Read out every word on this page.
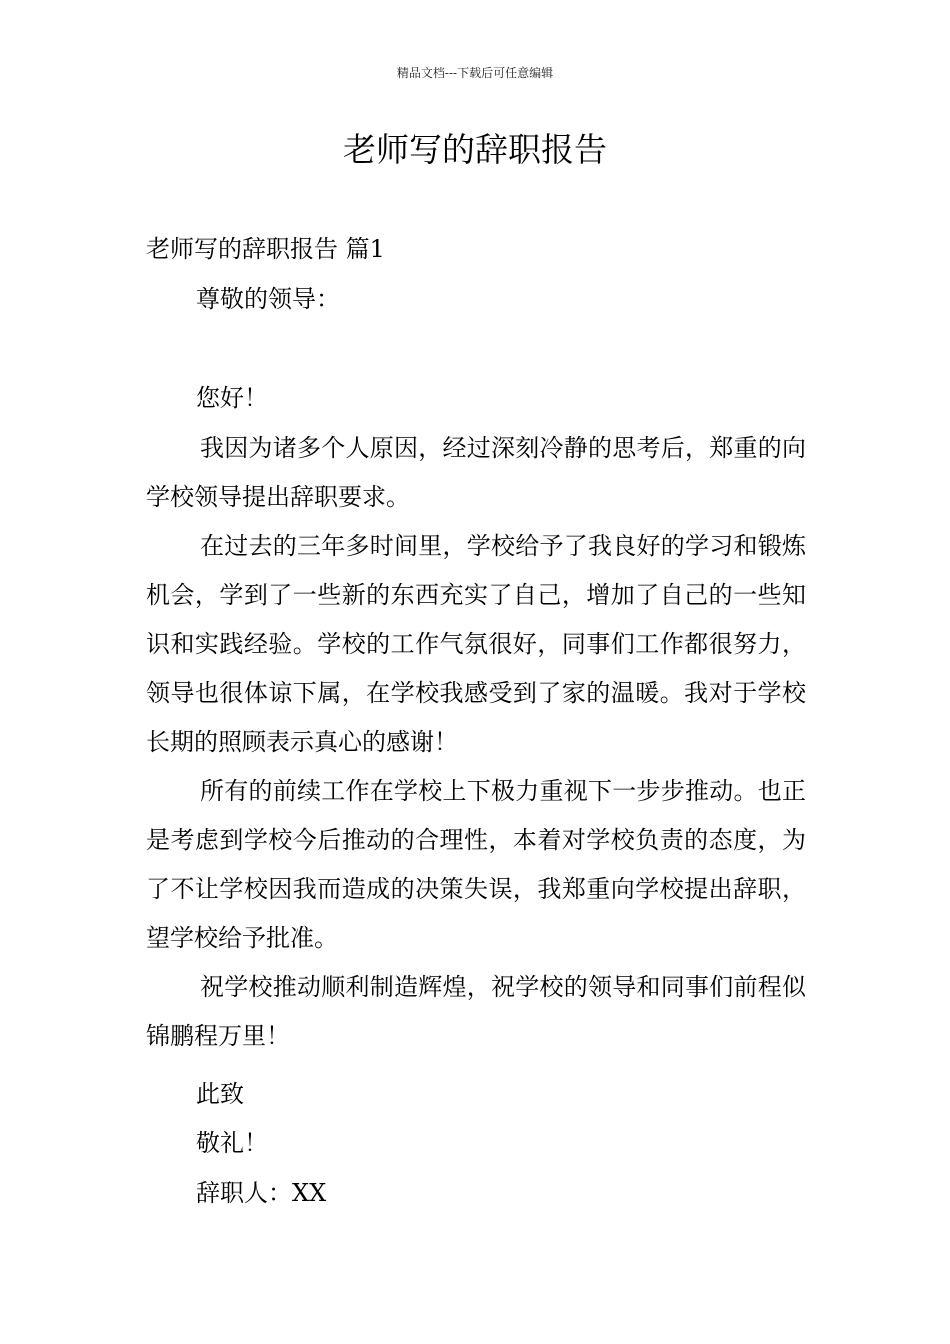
精品文档---下载后可任意编辑
老师写的辞职报告
老师写的辞职报告 篇1
尊敬的领导：
您好！

我因为诸多个人原因，经过深刻冷静的思考后，郑重的向学校领导提出辞职要求。

在过去的三年多时间里，学校给予了我良好的学习和锻炼机会，学到了一些新的东西充实了自己，增加了自己的一些知识和实践经验。学校的工作气氛很好，同事们工作都很努力，领导也很体谅下属，在学校我感受到了家的温暖。我对于学校长期的照顾表示真心的感谢！

所有的前续工作在学校上下极力重视下一步步推动。也正是考虑到学校今后推动的合理性，本着对学校负责的态度，为了不让学校因我而造成的决策失误，我郑重向学校提出辞职，望学校给予批准。

祝学校推动顺利制造辉煌，祝学校的领导和同事们前程似锦鹏程万里！

此致
敬礼！
辞职人：XX
